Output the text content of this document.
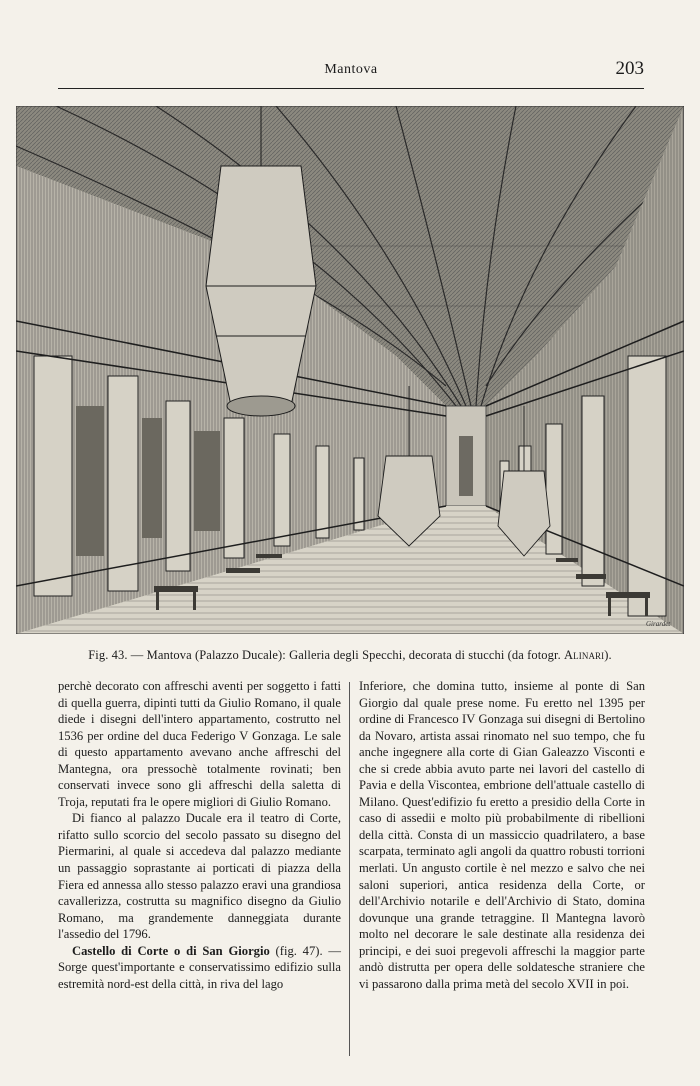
Mantova	203
Girardet
Fig. 43. — Mantova (Palazzo Ducale): Galleria degli Specchi, decorata di stucchi (da fotogr. Alinari).

perchè decorato con affreschi aventi per soggetto i fatti di quella guerra, dipinti tutti da Giulio Romano, il quale diede i disegni dell'intero appartamento, costrutto nel 1536 per ordine del duca Federigo V Gonzaga. Le sale di questo appartamento avevano anche affreschi del Mantegna, ora pressochè totalmente rovinati; ben conservati invece sono gli affreschi della saletta di Troja, reputati fra le opere migliori di Giulio Romano.

Di fianco al palazzo Ducale era il teatro di Corte, rifatto sullo scorcio del secolo passato su disegno del Piermarini, al quale si accedeva dal palazzo mediante un passaggio soprastante ai porticati di piazza della Fiera ed annessa allo stesso palazzo eravi una grandiosa cavallerizza, costrutta su magnifico disegno da Giulio Romano, ma grandemente danneggiata durante l'assedio del 1796.

Castello di Corte o di San Giorgio (fig. 47). — Sorge quest'importante e conservatissimo edifizio sulla estremità nord-est della città, in riva del lago

Inferiore, che domina tutto, insieme al ponte di San Giorgio dal quale prese nome. Fu eretto nel 1395 per ordine di Francesco IV Gonzaga sui disegni di Bertolino da Novaro, artista assai rinomato nel suo tempo, che fu anche ingegnere alla corte di Gian Galeazzo Visconti e che si crede abbia avuto parte nei lavori del castello di Pavia e della Viscontea, embrione dell'attuale castello di Milano. Quest'edifizio fu eretto a presidio della Corte in caso di assedii e molto più probabilmente di ribellioni della città. Consta di un massiccio quadrilatero, a base scarpata, terminato agli angoli da quattro robusti torrioni merlati. Un angusto cortile è nel mezzo e salvo che nei saloni superiori, antica residenza della Corte, or dell'Archivio notarile e dell'Archivio di Stato, domina dovunque una grande tetraggine. Il Mantegna lavorò molto nel decorare le sale destinate alla residenza dei principi, e dei suoi pregevoli affreschi la maggior parte andò distrutta per opera delle soldatesche straniere che vi passarono dalla prima metà del secolo XVII in poi.
